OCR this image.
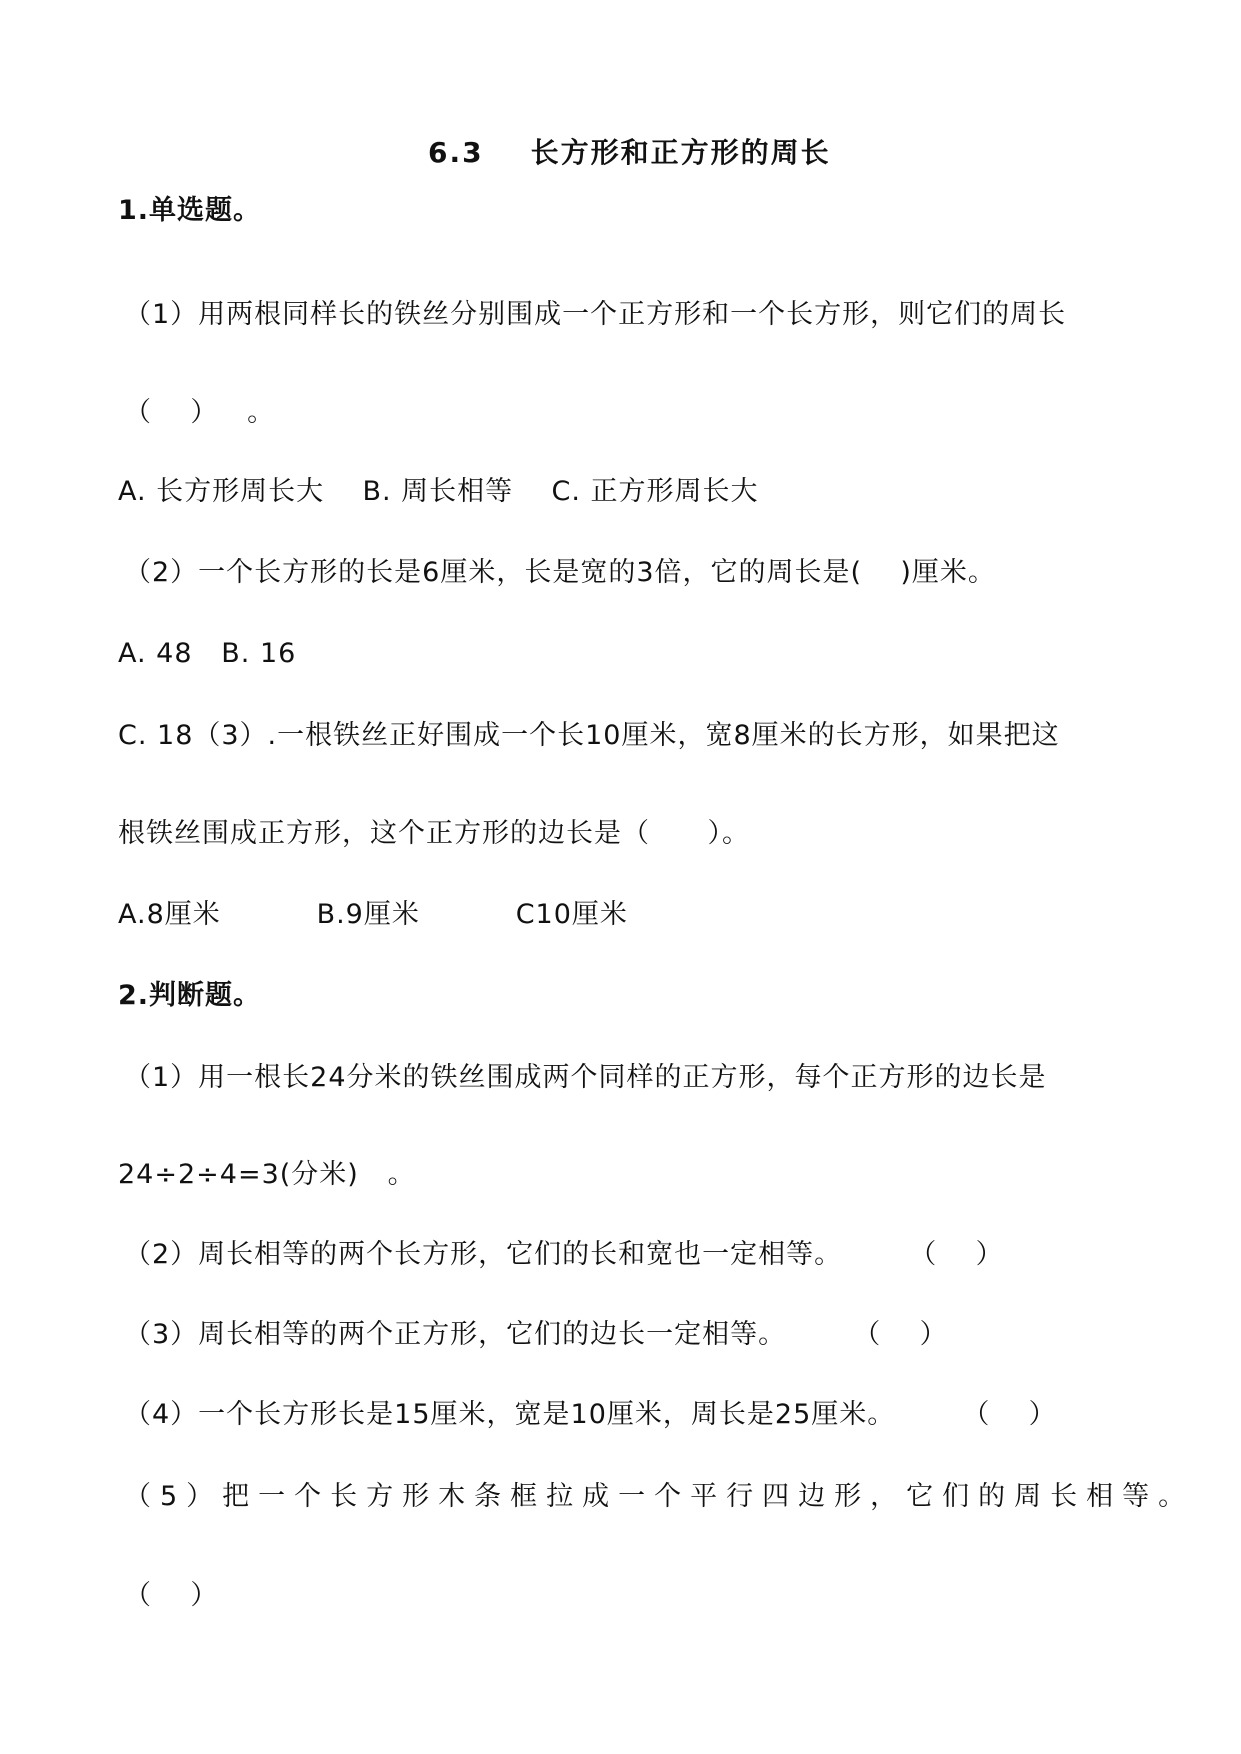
6.3    长方形和正方形的周长
1.单选题。
（1）用两根同样长的铁丝分别围成一个正方形和一个长方形，则它们的周长
（    ）   。
A. 长方形周长大    B. 周长相等    C. 正方形周长大
（2）一个长方形的长是6厘米，长是宽的3倍，它的周长是(    )厘米。
A. 48   B. 16
C. 18（3）.一根铁丝正好围成一个长10厘米，宽8厘米的长方形，如果把这
根铁丝围成正方形，这个正方形的边长是（      ）。
A.8厘米          B.9厘米          C10厘米
2.判断题。
（1）用一根长24分米的铁丝围成两个同样的正方形，每个正方形的边长是
24÷2÷4=3(分米)   。
（2）周长相等的两个长方形，它们的长和宽也一定相等。       （    ）
（3）周长相等的两个正方形，它们的边长一定相等。       （    ）
（4）一个长方形长是15厘米，宽是10厘米，周长是25厘米。       （    ）
（5）把一个长方形木条框拉成一个平行四边形，它们的周长相等。
（    ）
